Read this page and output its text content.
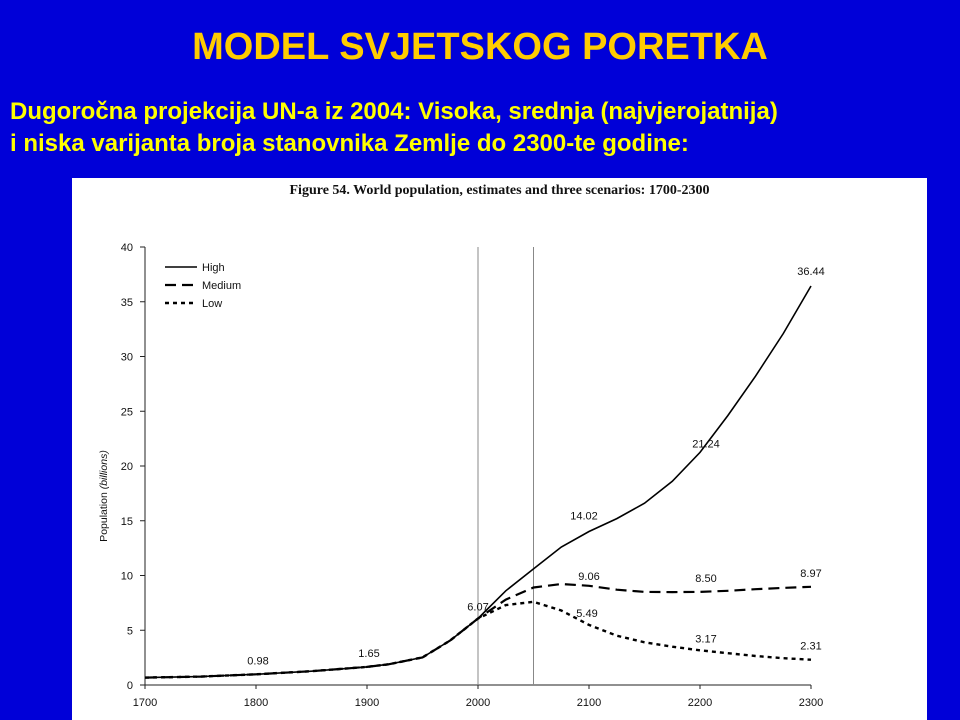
MODEL SVJETSKOG PORETKA
Dugoročna projekcija UN-a iz 2004: Visoka, srednja (najvjerojatnija)
i niska varijanta broja stanovnika Zemlje do 2300-te godine:
Figure 54. World population, estimates and three scenarios: 1700-2300
0
5
10
15
20
25
30
35
40
1700	1800	1900	2000	2100	2200	2300
Population (billions)
0.98
1.65
6.07
9.06
14.02
5.49
21.24
8.50
3.17
36.44
8.97
2.31
High
Medium
Low
